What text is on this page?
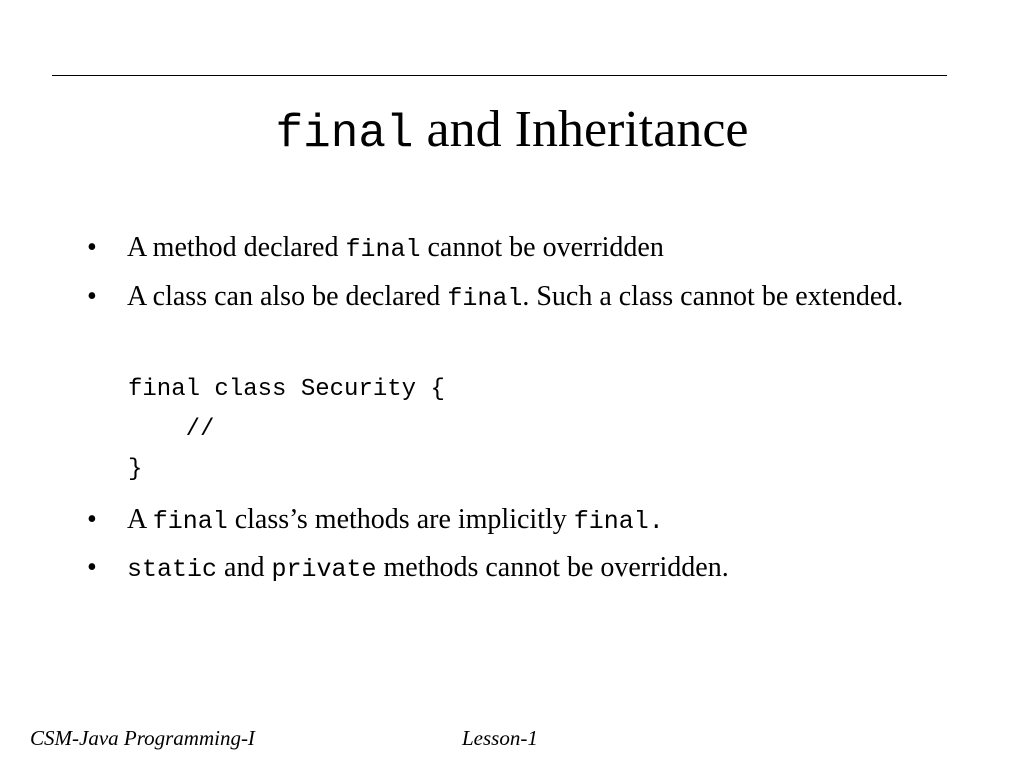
final and Inheritance
• A method declared final cannot be overridden
• A class can also be declared final. Such a class cannot be extended.
final class Security {
//
}
• A final class’s methods are implicitly final.
• static and private methods cannot be overridden.
CSM-Java Programming-I	Lesson-1
